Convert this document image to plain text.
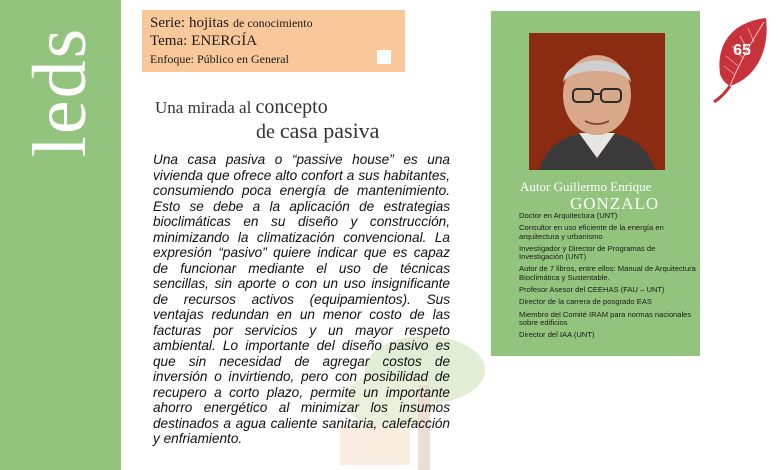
leds
Serie: hojitas de conocimiento
Tema: ENERGÍA
Enfoque: Público en General
Una mirada al concepto
de casa pasiva
Una casa pasiva o “passive house” es una vivienda que ofrece alto confort a sus habitantes, consumiendo poca energía de mantenimiento. Esto se debe a la aplicación de estrategias bioclimáticas en su diseño y construcción, minimizando la climatización convencional. La expresión “pasivo” quiere indicar que es capaz de funcionar mediante el uso de técnicas sencillas, sin aporte o con un uso insignificante de recursos activos (equipamientos). Sus ventajas redundan en un menor costo de las facturas por servicios y un mayor respeto ambiental. Lo importante del diseño pasivo es que sin necesidad de agregar costos de inversión o invirtiendo, pero con posibilidad de recupero a corto plazo, permite un importante ahorro energético al minimizar los insumos destinados a agua caliente sanitaria, calefacción y enfriamiento.
Autor Guillermo Enrique
GONZALO
Doctor en Arquitectura (UNT)
Consultor en uso eficiente de la energía en arquitectura y urbanismo
Investigador y Director de Programas de Investigación (UNT)
Autor de 7 libros, entre ellos: Manual de Arquitectura Bioclimática y Sustentable.
Profesor Asesor del CEEHAS (FAU – UNT)
Director de la carrera de posgrado EAS
Miembro del Comité IRAM para normas nacionales sobre edificios
Director del IAA (UNT)
65
